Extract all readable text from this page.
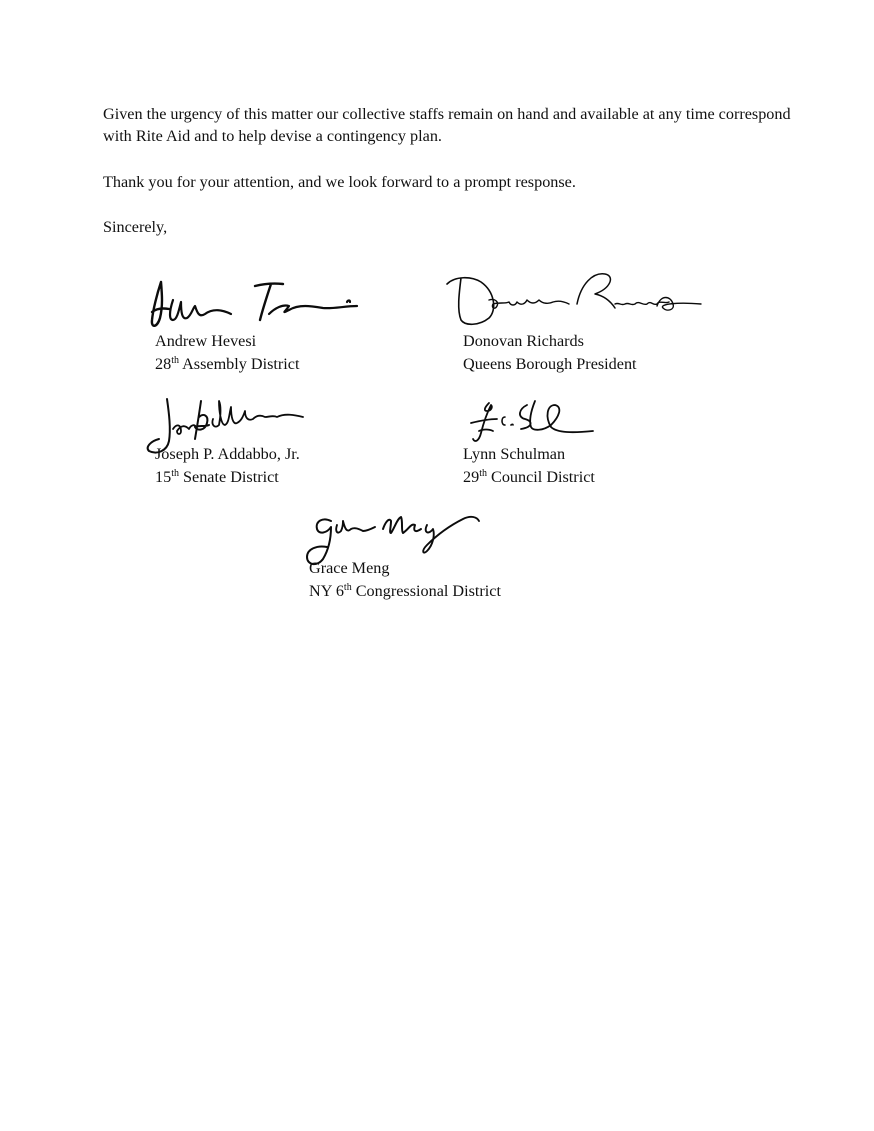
Given the urgency of this matter our collective staffs remain on hand and available at any time correspond with Rite Aid and to help devise a contingency plan.

Thank you for your attention, and we look forward to a prompt response.

Sincerely,

Andrew Hevesi
28th Assembly District
Donovan Richards
Queens Borough President
Joseph P. Addabbo, Jr.
15th Senate District
Lynn Schulman
29th Council District
Grace Meng
NY 6th Congressional District
